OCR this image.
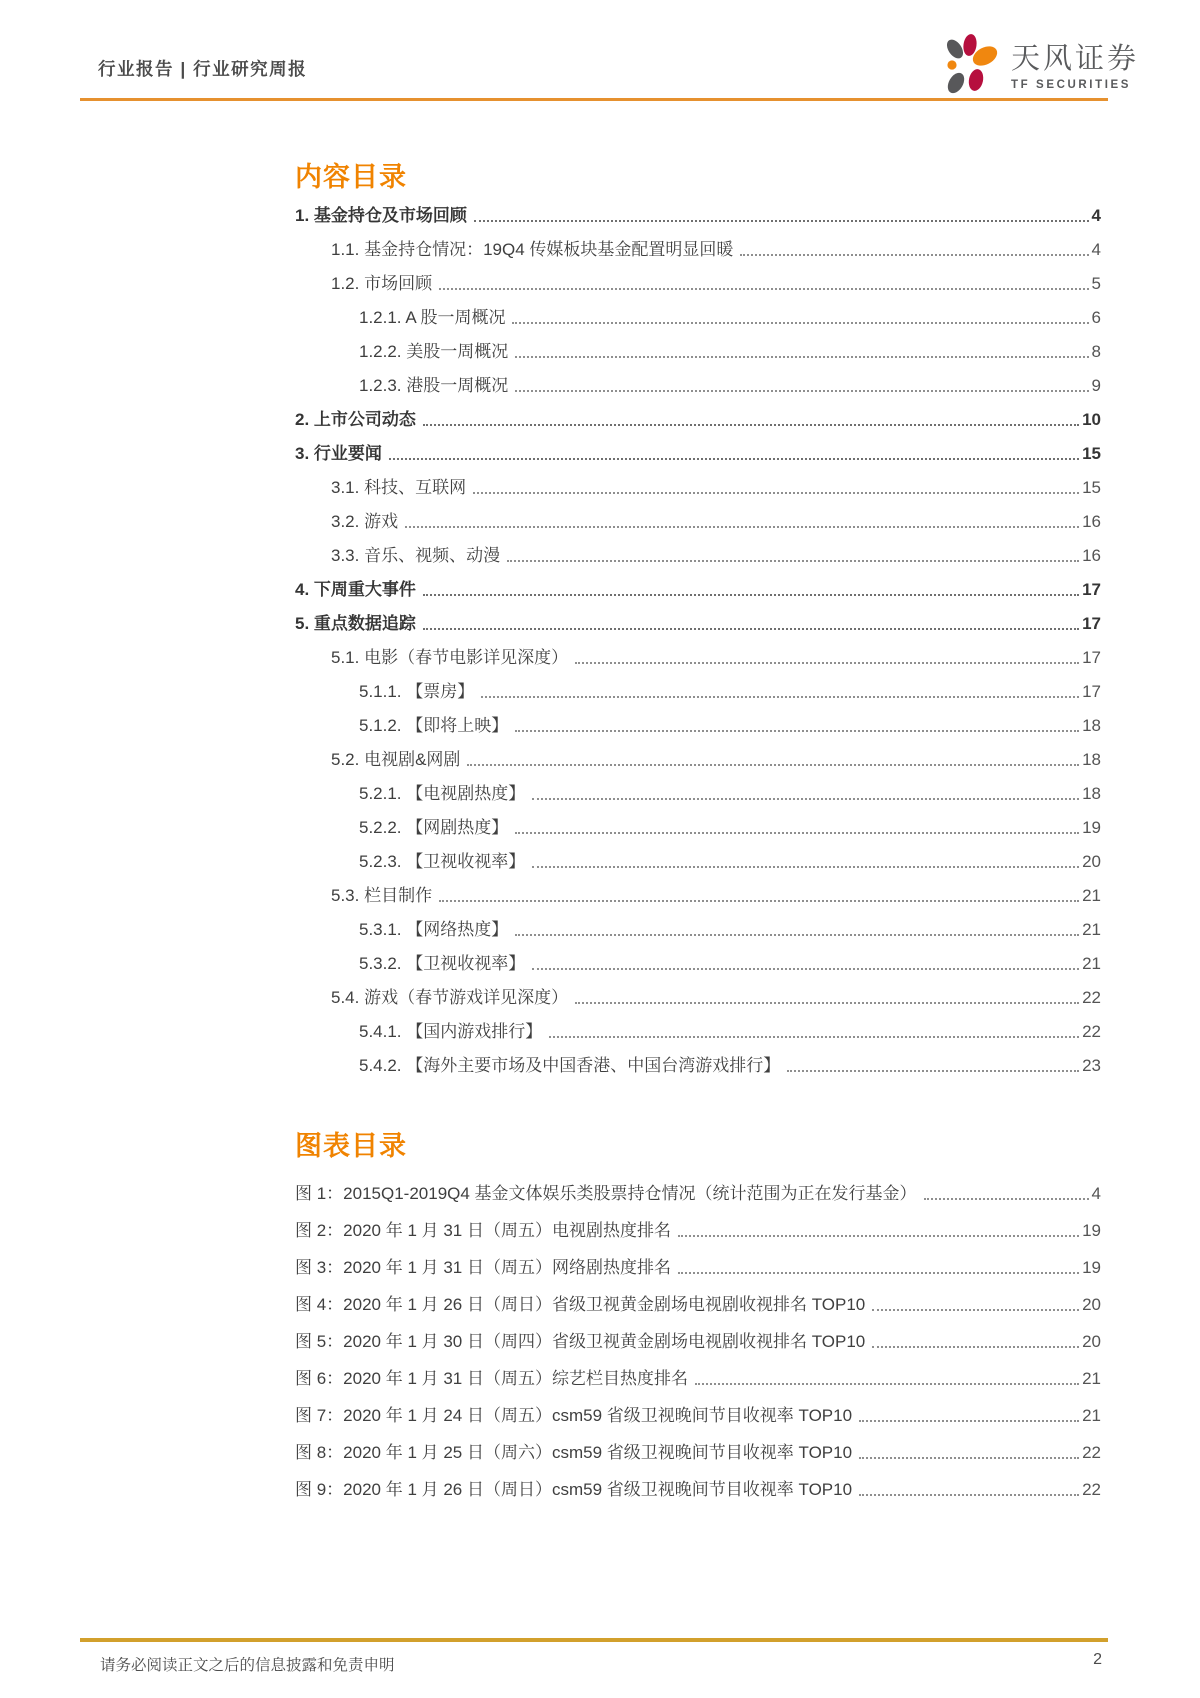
行业报告 | 行业研究周报	天风证券
TF SECURITIES
内容目录
1. 基金持仓及市场回顾	4
1.1. 基金持仓情况：19Q4 传媒板块基金配置明显回暖	4
1.2. 市场回顾	5
1.2.1. A 股一周概况	6
1.2.2. 美股一周概况	8
1.2.3. 港股一周概况	9
2. 上市公司动态	10
3. 行业要闻	15
3.1. 科技、互联网	15
3.2. 游戏	16
3.3. 音乐、视频、动漫	16
4. 下周重大事件	17
5. 重点数据追踪	17
5.1. 电影（春节电影详见深度）	17
5.1.1. 【票房】	17
5.1.2. 【即将上映】	18
5.2. 电视剧&网剧	18
5.2.1. 【电视剧热度】	18
5.2.2. 【网剧热度】	19
5.2.3. 【卫视收视率】	20
5.3. 栏目制作	21
5.3.1. 【网络热度】	21
5.3.2. 【卫视收视率】	21
5.4. 游戏（春节游戏详见深度）	22
5.4.1. 【国内游戏排行】	22
5.4.2. 【海外主要市场及中国香港、中国台湾游戏排行】	23
图表目录
图 1：2015Q1-2019Q4 基金文体娱乐类股票持仓情况（统计范围为正在发行基金）	4
图 2：2020 年 1 月 31 日（周五）电视剧热度排名	19
图 3：2020 年 1 月 31 日（周五）网络剧热度排名	19
图 4：2020 年 1 月 26 日（周日）省级卫视黄金剧场电视剧收视排名 TOP10	20
图 5：2020 年 1 月 30 日（周四）省级卫视黄金剧场电视剧收视排名 TOP10	20
图 6：2020 年 1 月 31 日（周五）综艺栏目热度排名	21
图 7：2020 年 1 月 24 日（周五）csm59 省级卫视晚间节目收视率 TOP10	21
图 8：2020 年 1 月 25 日（周六）csm59 省级卫视晚间节目收视率 TOP10	22
图 9：2020 年 1 月 26 日（周日）csm59 省级卫视晚间节目收视率 TOP10	22
请务必阅读正文之后的信息披露和免责申明	2
